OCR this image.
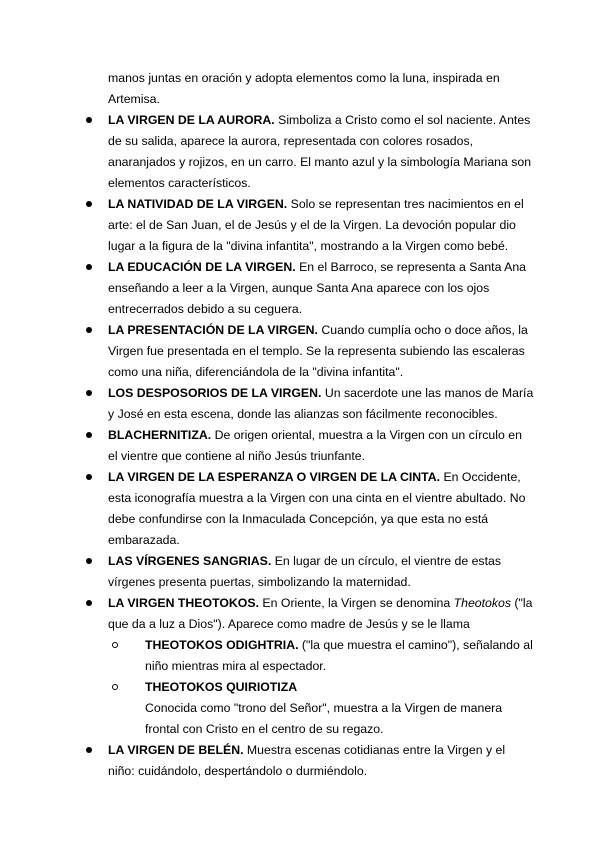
manos juntas en oración y adopta elementos como la luna, inspirada en Artemisa.

LA VIRGEN DE LA AURORA. Simboliza a Cristo como el sol naciente. Antes de su salida, aparece la aurora, representada con colores rosados, anaranjados y rojizos, en un carro. El manto azul y la simbología Mariana son elementos característicos.
LA NATIVIDAD DE LA VIRGEN. Solo se representan tres nacimientos en el arte: el de San Juan, el de Jesús y el de la Virgen. La devoción popular dio lugar a la figura de la "divina infantita", mostrando a la Virgen como bebé.
LA EDUCACIÓN DE LA VIRGEN. En el Barroco, se representa a Santa Ana enseñando a leer a la Virgen, aunque Santa Ana aparece con los ojos entrecerrados debido a su ceguera.
LA PRESENTACIÓN DE LA VIRGEN. Cuando cumplía ocho o doce años, la Virgen fue presentada en el templo. Se la representa subiendo las escaleras como una niña, diferenciándola de la "divina infantita".
LOS DESPOSORIOS DE LA VIRGEN. Un sacerdote une las manos de María y José en esta escena, donde las alianzas son fácilmente reconocibles.
BLACHERNITIZA. De origen oriental, muestra a la Virgen con un círculo en el vientre que contiene al niño Jesús triunfante.
LA VIRGEN DE LA ESPERANZA O VIRGEN DE LA CINTA. En Occidente, esta iconografía muestra a la Virgen con una cinta en el vientre abultado. No debe confundirse con la Inmaculada Concepción, ya que esta no está embarazada.
LAS VÍRGENES SANGRIAS. En lugar de un círculo, el vientre de estas vírgenes presenta puertas, simbolizando la maternidad.
LA VIRGEN THEOTOKOS. En Oriente, la Virgen se denomina Theotokos ("la que da a luz a Dios"). Aparece como madre de Jesús y se le llama
THEOTOKOS ODIGHTRIA. ("la que muestra el camino"), señalando al niño mientras mira al espectador.
THEOTOKOS QUIRIOTIZA
Conocida como "trono del Señor", muestra a la Virgen de manera frontal con Cristo en el centro de su regazo.
LA VIRGEN DE BELÉN. Muestra escenas cotidianas entre la Virgen y el niño: cuidándolo, despertándolo o durmiéndolo.
